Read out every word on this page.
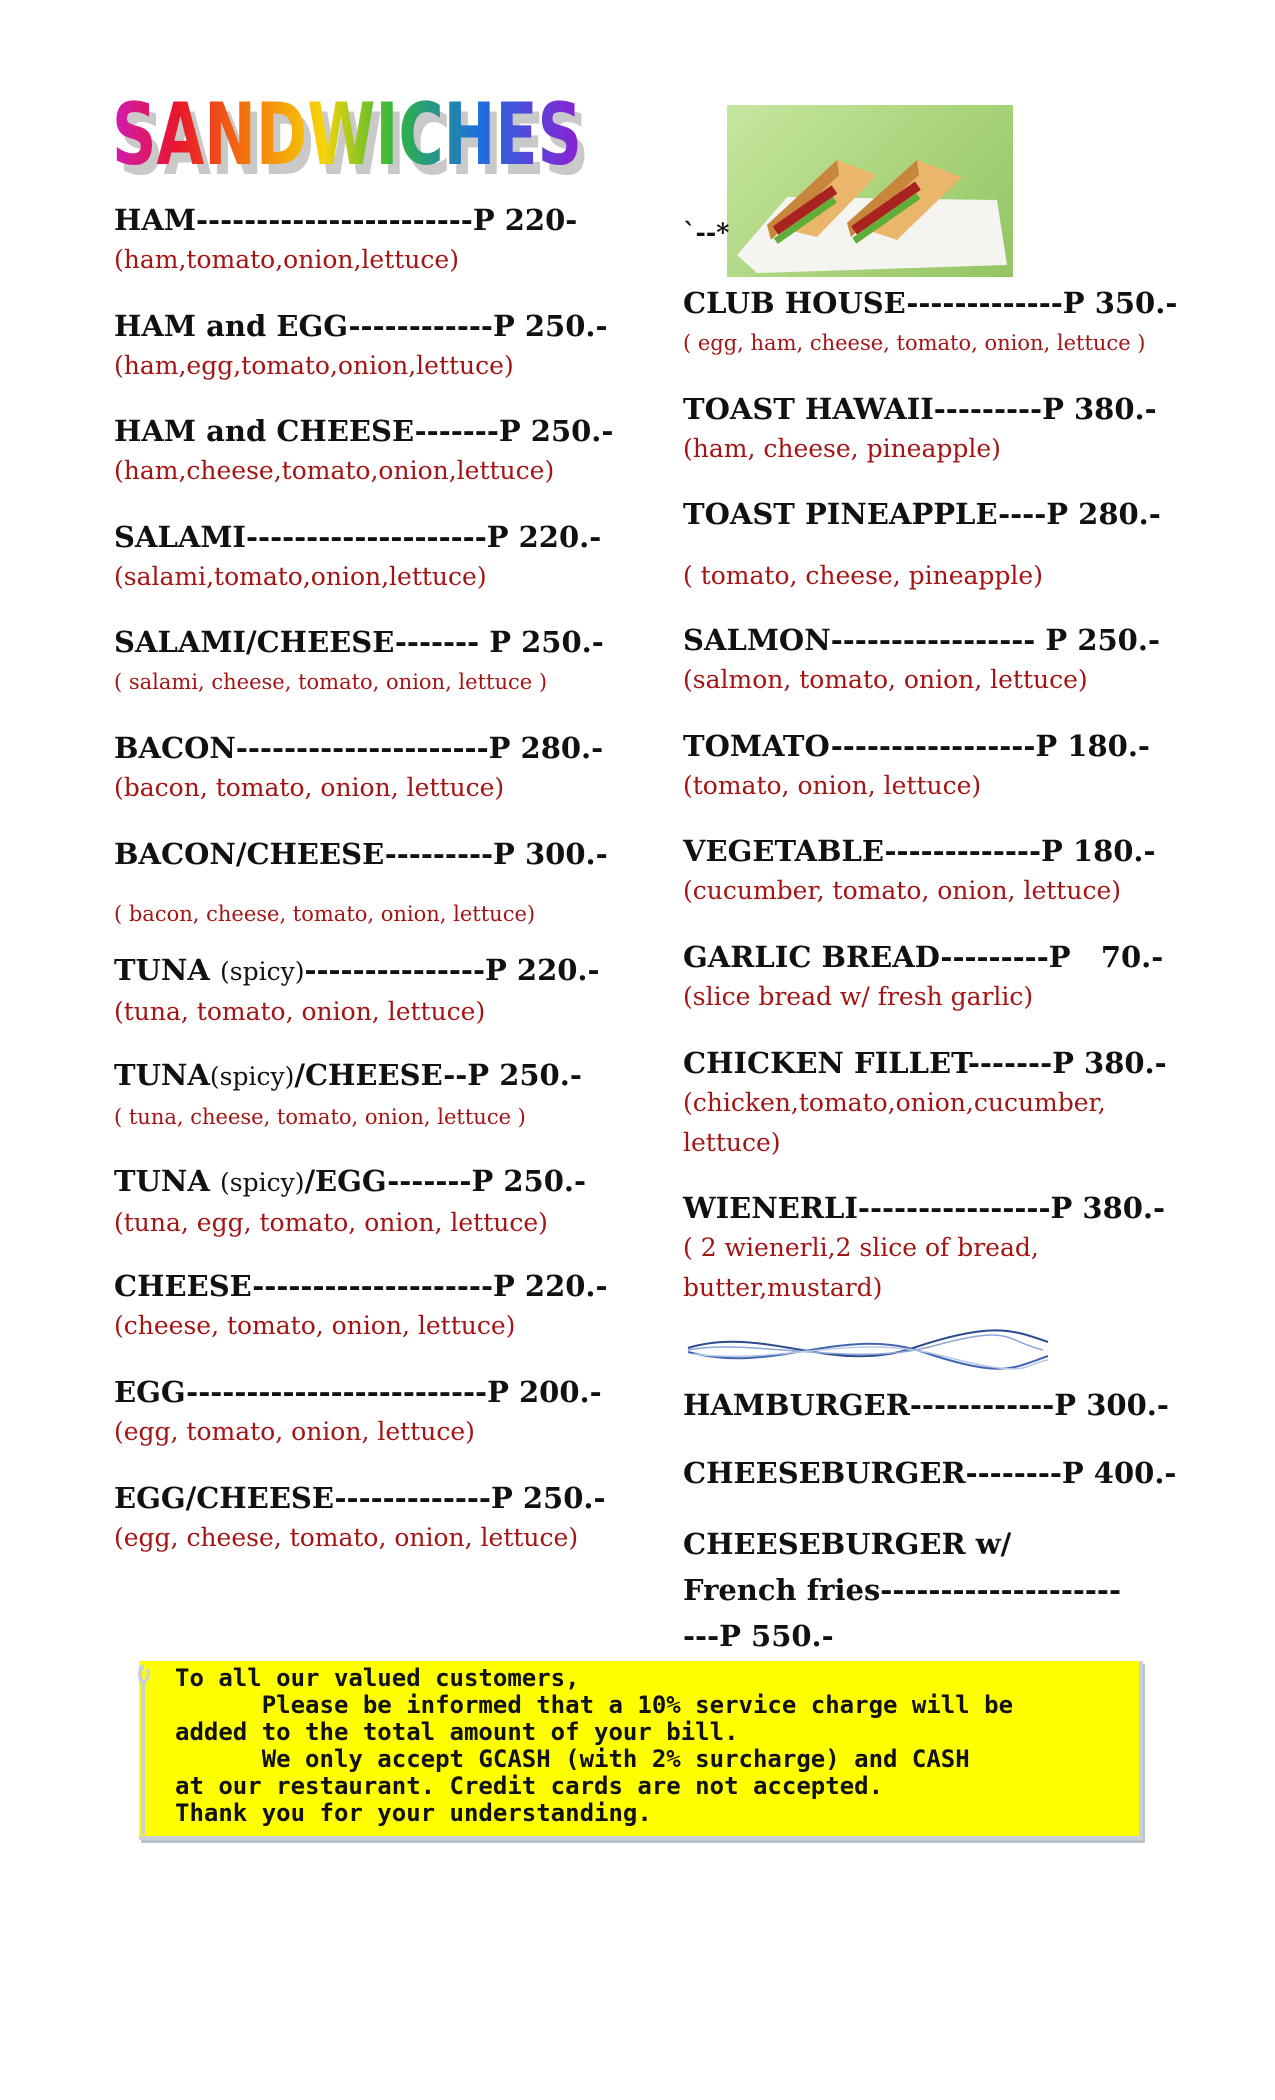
SANDWICHES
SANDWICHES
`--*
HAM-----------------------P 220-
(ham,tomato,onion,lettuce)
HAM and EGG------------P 250.-
(ham,egg,tomato,onion,lettuce)
HAM and CHEESE-------P 250.-
(ham,cheese,tomato,onion,lettuce)
SALAMI--------------------P 220.-
(salami,tomato,onion,lettuce)
SALAMI/CHEESE------- P 250.-
( salami, cheese, tomato, onion, lettuce )
BACON---------------------P 280.-
(bacon, tomato, onion, lettuce)
BACON/CHEESE---------P 300.-
( bacon, cheese, tomato, onion, lettuce)
TUNA (spicy)---------------P 220.-
(tuna, tomato, onion, lettuce)
TUNA(spicy)/CHEESE--P 250.-
( tuna, cheese, tomato, onion, lettuce )
TUNA (spicy)/EGG-------P 250.-
(tuna, egg, tomato, onion, lettuce)
CHEESE--------------------P 220.-
(cheese, tomato, onion, lettuce)
EGG-------------------------P 200.-
(egg, tomato, onion, lettuce)
EGG/CHEESE-------------P 250.-
(egg, cheese, tomato, onion, lettuce)
CLUB HOUSE-------------P 350.-
( egg, ham, cheese, tomato, onion, lettuce )
TOAST HAWAII---------P 380.-
(ham, cheese, pineapple)
TOAST PINEAPPLE----P 280.-
( tomato, cheese, pineapple)
SALMON----------------- P 250.-
(salmon, tomato, onion, lettuce)
TOMATO-----------------P 180.-
(tomato, onion, lettuce)
VEGETABLE-------------P 180.-
(cucumber, tomato, onion, lettuce)
GARLIC BREAD---------P   70.-
(slice bread w/ fresh garlic)
CHICKEN FILLET-------P 380.-
(chicken,tomato,onion,cucumber, lettuce)
WIENERLI----------------P 380.-
( 2 wienerli,2 slice of bread, butter,mustard)
HAMBURGER------------P 300.-
CHEESEBURGER--------P 400.-
CHEESEBURGER w/ French fries-----------------------P 550.-
To all our valued customers,
Please be informed that a 10% service charge will be
added to the total amount of your bill.
We only accept GCASH (with 2% surcharge) and CASH
at our restaurant. Credit cards are not accepted.
Thank you for your understanding.
